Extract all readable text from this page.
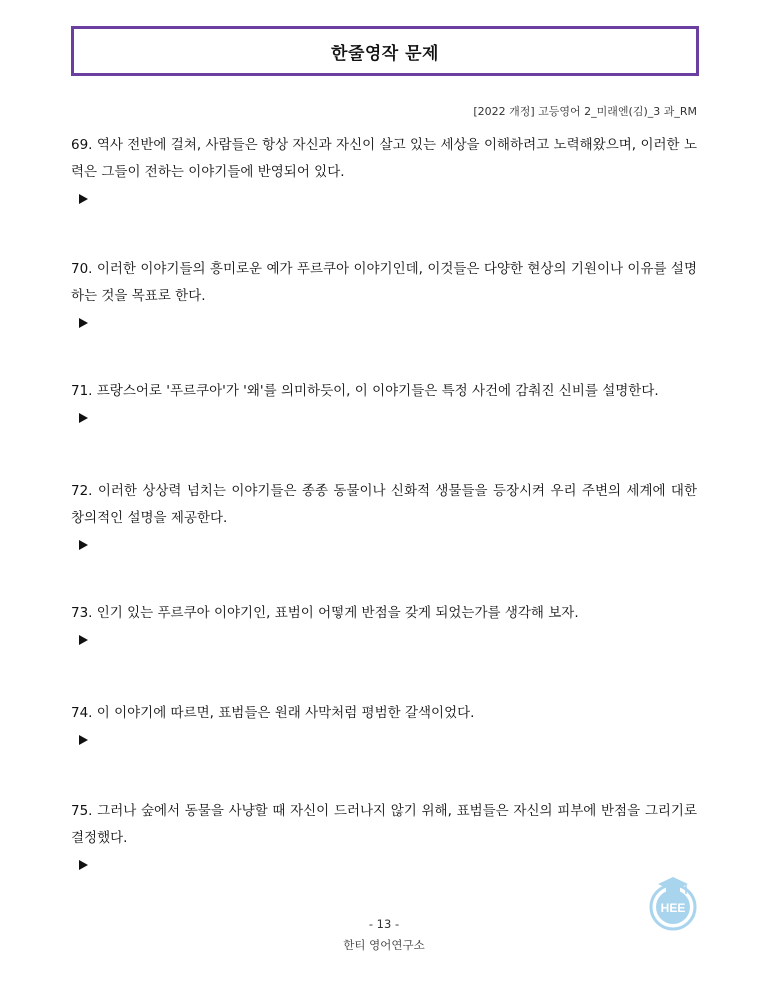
한줄영작 문제
[2022 개정] 고등영어 2_미래엔(김)_3 과_RM

69. 역사 전반에 걸쳐, 사람들은 항상 자신과 자신이 살고 있는 세상을 이해하려고 노력해왔으며, 이러한 노력은 그들이 전하는 이야기들에 반영되어 있다.

70. 이러한 이야기들의 흥미로운 예가 푸르쿠아 이야기인데, 이것들은 다양한 현상의 기원이나 이유를 설명하는 것을 목표로 한다.

71. 프랑스어로 '푸르쿠아'가 '왜'를 의미하듯이, 이 이야기들은 특정 사건에 감춰진 신비를 설명한다.

72. 이러한 상상력 넘치는 이야기들은 종종 동물이나 신화적 생물들을 등장시켜 우리 주변의 세계에 대한 창의적인 설명을 제공한다.

73. 인기 있는 푸르쿠아 이야기인, 표범이 어떻게 반점을 갖게 되었는가를 생각해 보자.

74. 이 이야기에 따르면, 표범들은 원래 사막처럼 평범한 갈색이었다.

75. 그러나 숲에서 동물을 사냥할 때 자신이 드러나지 않기 위해, 표범들은 자신의 피부에 반점을 그리기로 결정했다.

HEE
- 13 -
한티 영어연구소
